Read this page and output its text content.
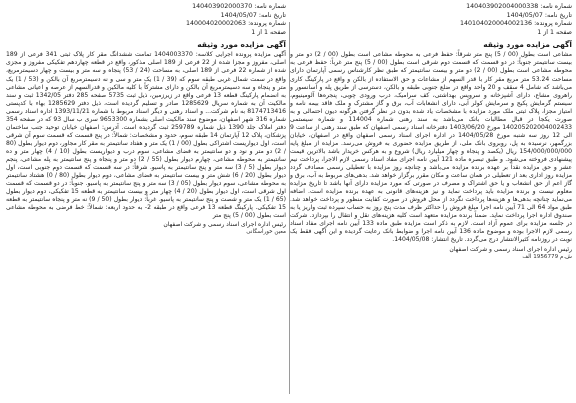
شماره نامه: 140403902004000338
تاریخ نامه: 1404/05/07
شماره پرونده: 140104020004002136
صفحه 1 از 1
آگهی مزایده مورد وثیقه
مشاعی است بطول (00 / 5) پنج متر شرقاً: حفظ فرعی به محوطه مشاعی است بطول (00 / 2) دو متر و بیست سانتیمتر جنوباً: در دو قسمت که قسمت دوم شرقی است بطول (00 / 5) پنج متر غرباً: حفظ فرعی به محوطه مشاعی است بطول (00 / 2) دو متر و بیست سانتیمتر که طبق نظر کارشناس رسمی آپارتمان دارای مساحت 53.24 متر مربع مقر کار با قدر السهم از مشاعات و حق الاستفاده از بالکن و واقع در پارکینگ کاری می‌باشد که شامل 4 سقف و 20 واحد واقع در ضلع جنوبی طبقه و بالکن، دسترسی از طریق پله و آسانسور و راهروی مشاع، دارای آشپزخانه و سرویس بهداشتی، کف سرامیک، درب ورودی چوبی، پنجره‌ها آلومینیوم، سیستم گرمایش پکیج و سرمایش کولر آبی، دارای انشعابات آب، برق و گاز مشترک و ملک فاقد بیمه نامه و امتیاز مجزا، پلاک ثبتی ملک مورد مزایده با مشخصات یاد شده بدون در نظر گرفتن هرگونه دیون احتمالی و به صورت یکجا در قبال مطالبات بانک می‌باشد به سند رهنی شماره 114004 و شماره سیستمی 140205202004002433 مورخ 1403/06/20 دفترخانه اسناد رسمی اصفهان که طبق سند رهنی از ساعت 9 الی 12 روز سه شنبه مورخ 1404/05/28 در اداره اجرای اسناد رسمی اصفهان واقع در اصفهان، خیابان بزرگمهر، نرسیده به پل، روبروی بانک ملی، از طریق مزایده حضوری به فروش می‌رسد. مزایده از مبلغ پایه 154/000/000/000 ریال (یکصد و پنجاه و چهار میلیارد ریال) شروع و به هرکس خریدار باشد بالاترین قیمت پیشنهادی فروخته می‌شود. و طبق تبصره ماده 121 آیین نامه اجرای مفاد اسناد رسمی لازم الاجرا، پرداخت نیم عشر و حق مزایده نقداً بر عهده برنده مزایده می‌باشد و چنانچه روز مزایده با تعطیلی رسمی مصادف گردد مزایده روز اداری بعد از تعطیلی در همان ساعت و مکان مقرر برگزار خواهد شد. بدهی‌های مربوط به آب، برق و گاز اعم از حق انشعاب و یا حق اشتراک و مصرف در صورتی که مورد مزایده دارای آنها باشد تا تاریخ مزایده معلوم نیست و برنده مزایده باید پرداخت نماید و نیز هزینه‌های قانونی به عهده برنده مزایده است. اضافه می‌نماید چنانچه بدهی‌ها و هزینه‌ها پرداخت نگردد از محل فروش در صورت کفایت منظور و پرداخت خواهد شد. طبق مواد 64 الی 71 آیین نامه اجرا مبلغ فروش را حداکثر ظرف مدت پنج روز به حساب سپرده ثبت واریز یا به صندوق اداره اجرا پرداخت نماید. ضمناً برنده مزایده متعهد است کلیه هزینه‌های نقل و انتقال را بپردازد. شرکت در جلسه مزایده برای عموم آزاد است. لازم به ذکر است مزایده طبق ماده 133 آیین نامه اجرای مفاد اسناد رسمی لازم الاجرا بوده و موضوع ماده 136 آیین نامه اجرا و ضوابط بانک رعایت گردیده و این آگهی فقط یک نوبت در روزنامه کثیرالانتشار درج می‌گردد. تاریخ انتشار: 1404/05/08.
رئیس اداره اجرای اسناد رسمی و شرکت اصفهان
ش.م 1956779 الف
شماره نامه: 140403902000370
تاریخ نامه: 1404/05/07
شماره پرونده: 140004020002063
صفحه 1 از 1
آگهی مزایده مورد وثیقه
آگهی مزایده پرونده اجرایی کلاسه: 1404003370 تمامت ششدانگ مقر کار پلاک ثبتی 341 فرعی از 189 اصلی، مفروز و مجزا شده از 22 فرعی از 189 اصلی مذکور، واقع در قطعه چهاردهم تفکیکی مفروز و مجزی شده از شماره 22 فرعی از 189 اصلی، به مساحت (24 / 53) پنجاه و سه متر و بیست و چهار دسیمترمربع، واقع در سمت شمال غربی طبقه سوم که (39 / 1) یک متر و سی و نه دسیمترمربع آن بالکن و (53 / 1) یک متر و پنجاه و سه دسیمترمربع آن بالکن و دارای مشترکاً با کلیه مالکین و قدرالسهم از عرصه و اعیانی مشاعی به انضمام پارکینگ قطعه 13 فرعی واقع در زیرزمین، ذیل ثبت 5735 صفحه 285 دفتر 1342/05 ثبت و سند مالکیت آن به شماره سریال 1285629 صادر و تسلیم گردیده است، ذیل دفتر 1285629 بهاء با کدپستی 8174713416 به نام شرکت... و اسناد رهنی و دیگر اسناد مربوط با شماره 1393/11/21 اداره اسناد رسمی شماره 316 شهر اصفهان، موضوع سند مالکیت اصلی بشماره 9653300 سری ب سال 93 که در صفحه 354 دفتر املاک جلد 1390 ذیل شماره 259789 ثبت گردیده است. آدرس: اصفهان خیابان توحید جنب ساختمان پزشکان، پلاک 12 آپارتمان 14 طبقه سوم، حدود و مشخصات: شمالاً: در پنج قسمت که قسمت سوم آن شرقی است، اول دیواریست اشتراکی بطول (00 / 1) یک متر و هفتاد سانتیمتر به مقر کار مجاور، دوم دیوار بطول (80 / 2) دو متر و نود و دو سانتیمتر به فضای مشاعی، سوم درب و دیواریست بطول (10 / 4) چهار متر و ده سانتیمتر به محوطه مشاعی، چهارم دیوار بطول (55 / 2) دو متر و پنجاه و پنج سانتیمتر به پله مشاعی، پنجم دیوار بطول (5 / 3) سه متر و پنج سانتیمتر به پاسیو. شرقاً: در سه قسمت که قسمت دوم جنوبی است، اول دیوار بطول (20 / 6) شش متر و بیست سانتیمتر به فضای مشاعی، دوم دیوار بطول (80 / 0) هشتاد سانتیمتر به محوطه مشاعی، سوم دیوار بطول (05 / 3) سه متر و پنج سانتیمتر به پاسیو. جنوباً: در دو قسمت که قسمت اول شرقی است، اول دیوار بطول (20 / 4) چهار متر و بیست سانتیمتر به قطعه 15 تفکیکی، دوم دیوار بطول (65 / 1) یک متر و شصت و پنج سانتیمتر به پاسیو. غرباً: دیوار بطول (50 / 9) نه متر و پنجاه سانتیمتر به قطعه 15 تفکیکی. پارکینگ قطعه 13 فرعی واقع در طبقه 2- به حدود اربعه: شمالاً: خط فرضی به محوطه مشاعی است بطول (00 / 5) پنج متر
رئیس اداره اجرای اسناد رسمی و شرکت اصفهان
معین خوراسگانی
